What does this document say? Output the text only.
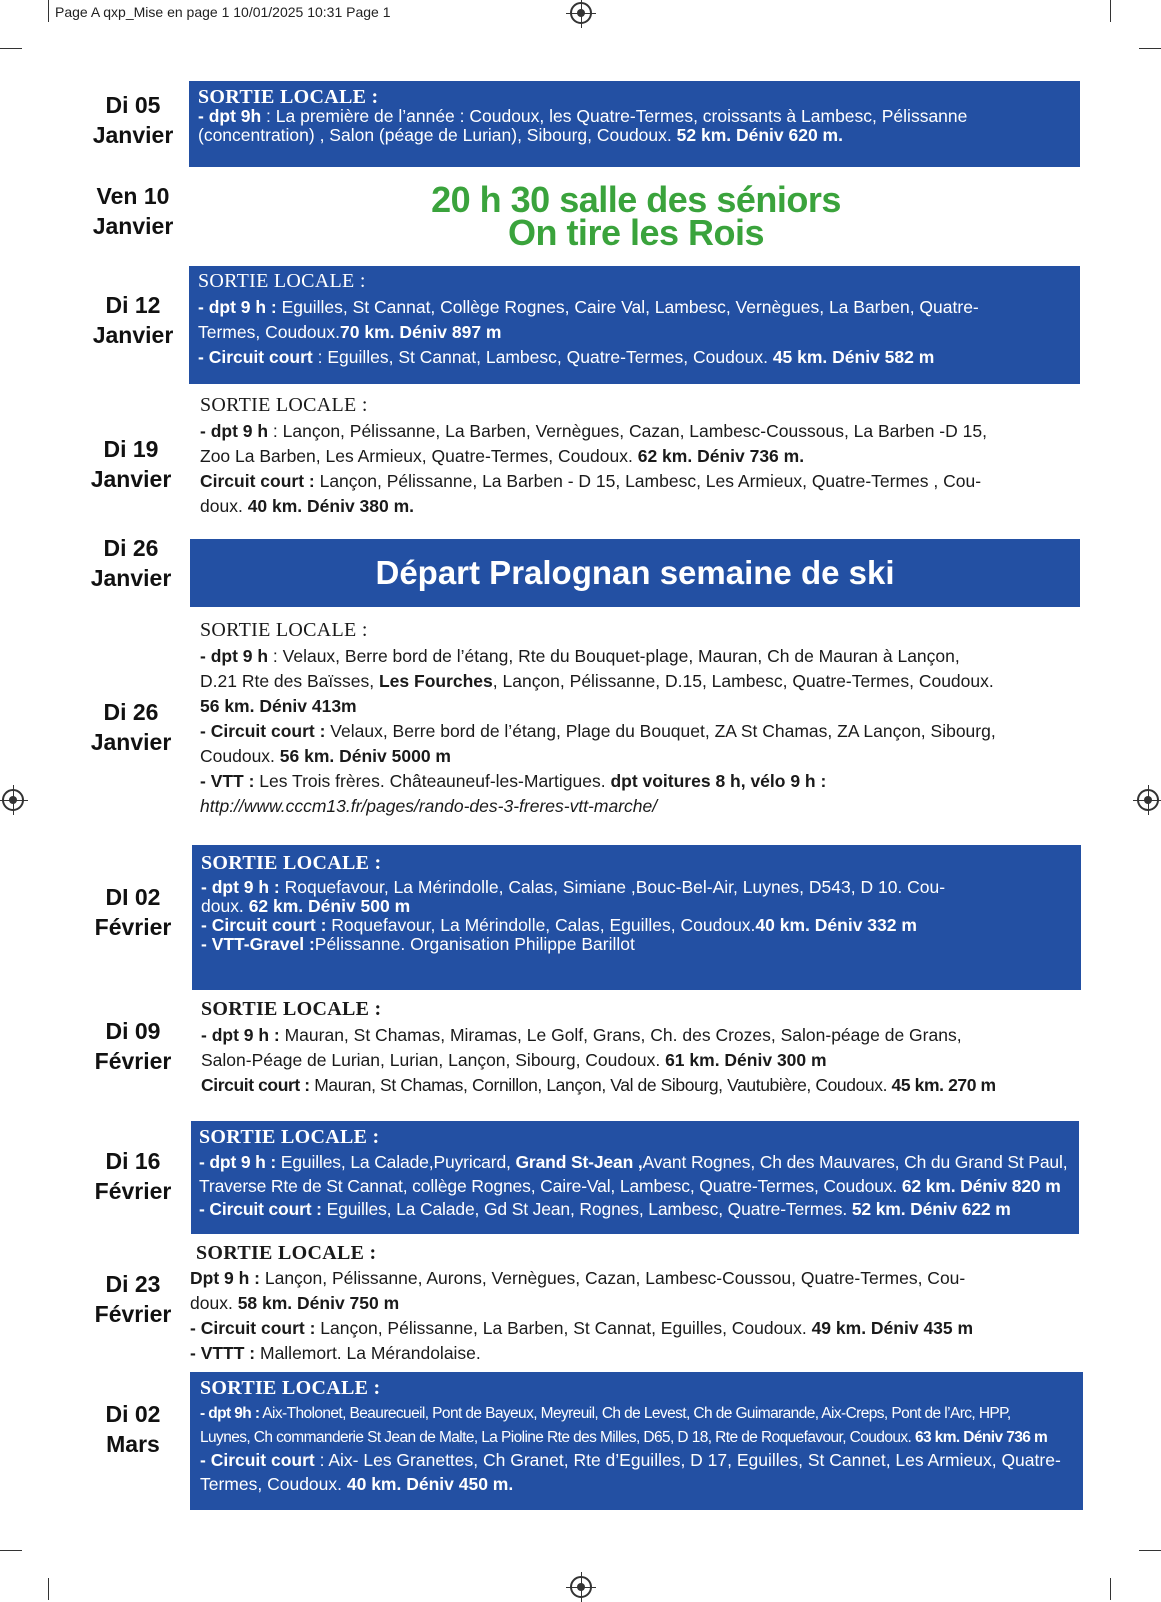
Page A qxp_Mise en page 1 10/01/2025 10:31 Page 1
Di 05
Janvier
Ven 10
Janvier
Di 12
Janvier
Di 19
Janvier
Di 26
Janvier
Di 26
Janvier
DI 02
Février
Di 09
Février
Di 16
Février
Di 23
Février
Di 02
Mars
SORTIE LOCALE :
- dpt 9h : La première de l’année : Coudoux, les Quatre-Termes, croissants à Lambesc, Pélissanne
(concentration) , Salon (péage de Lurian), Sibourg, Coudoux. 52 km. Déniv 620 m.
20 h 30 salle des séniors
On tire les Rois
SORTIE LOCALE :
- dpt 9 h : Eguilles, St Cannat, Collège Rognes, Caire Val, Lambesc, Vernègues, La Barben, Quatre-
Termes, Coudoux.70 km. Déniv 897 m
- Circuit court : Eguilles, St Cannat, Lambesc, Quatre-Termes, Coudoux. 45 km. Déniv 582 m
SORTIE LOCALE :
- dpt 9 h : Lançon, Pélissanne, La Barben, Vernègues, Cazan, Lambesc-Coussous, La Barben -D 15,
Zoo La Barben, Les Armieux, Quatre-Termes, Coudoux. 62 km. Déniv 736 m.
Circuit court : Lançon, Pélissanne, La Barben - D 15, Lambesc, Les Armieux, Quatre-Termes , Cou-
doux. 40 km. Déniv 380 m.
Départ Pralognan semaine de ski
SORTIE LOCALE :
- dpt 9 h : Velaux, Berre bord de l’étang, Rte du Bouquet-plage, Mauran, Ch de Mauran à Lançon,
D.21 Rte des Baïsses, Les Fourches, Lançon, Pélissanne, D.15, Lambesc, Quatre-Termes, Coudoux.
56 km. Déniv 413m
- Circuit court : Velaux, Berre bord de l’étang, Plage du Bouquet, ZA St Chamas, ZA Lançon, Sibourg,
Coudoux. 56 km. Déniv 5000 m
- VTT : Les Trois frères. Châteauneuf-les-Martigues. dpt voitures 8 h, vélo 9 h :
http://www.cccm13.fr/pages/rando-des-3-freres-vtt-marche/
SORTIE LOCALE :
- dpt 9 h : Roquefavour, La Mérindolle, Calas, Simiane ,Bouc-Bel-Air, Luynes, D543, D 10. Cou-
doux. 62 km. Déniv 500 m
- Circuit court : Roquefavour, La Mérindolle, Calas, Eguilles, Coudoux.40 km. Déniv 332 m
- VTT-Gravel :Pélissanne. Organisation Philippe Barillot
SORTIE LOCALE :
- dpt 9 h : Mauran, St Chamas, Miramas, Le Golf, Grans, Ch. des Crozes, Salon-péage de Grans,
Salon-Péage de Lurian, Lurian, Lançon, Sibourg, Coudoux. 61 km. Déniv 300 m
Circuit court : Mauran, St Chamas, Cornillon, Lançon, Val de Sibourg, Vautubière, Coudoux. 45 km. 270 m
SORTIE LOCALE :
- dpt 9 h : Eguilles, La Calade,Puyricard, Grand St-Jean ,Avant Rognes, Ch des Mauvares, Ch du Grand St Paul,
Traverse Rte de St Cannat, collège Rognes, Caire-Val, Lambesc, Quatre-Termes, Coudoux. 62 km. Déniv 820 m
- Circuit court : Eguilles, La Calade, Gd St Jean, Rognes, Lambesc, Quatre-Termes. 52 km. Déniv 622 m
SORTIE LOCALE :
Dpt 9 h : Lançon, Pélissanne, Aurons, Vernègues, Cazan, Lambesc-Coussou, Quatre-Termes, Cou-
doux. 58 km. Déniv 750 m
- Circuit court : Lançon, Pélissanne, La Barben, St Cannat, Eguilles, Coudoux. 49 km. Déniv 435 m
- VTTT : Mallemort. La Mérandolaise.
SORTIE LOCALE :
- dpt 9h : Aix-Tholonet, Beaurecueil, Pont de Bayeux, Meyreuil, Ch de Levest, Ch de Guimarande, Aix-Creps, Pont de l’Arc, HPP,
Luynes, Ch commanderie St Jean de Malte, La Pioline Rte des Milles, D65, D 18, Rte de Roquefavour, Coudoux. 63 km. Déniv 736 m
- Circuit court : Aix- Les Granettes, Ch Granet, Rte d’Eguilles, D 17, Eguilles, St Cannet, Les Armieux, Quatre-
Termes, Coudoux. 40 km. Déniv 450 m.
